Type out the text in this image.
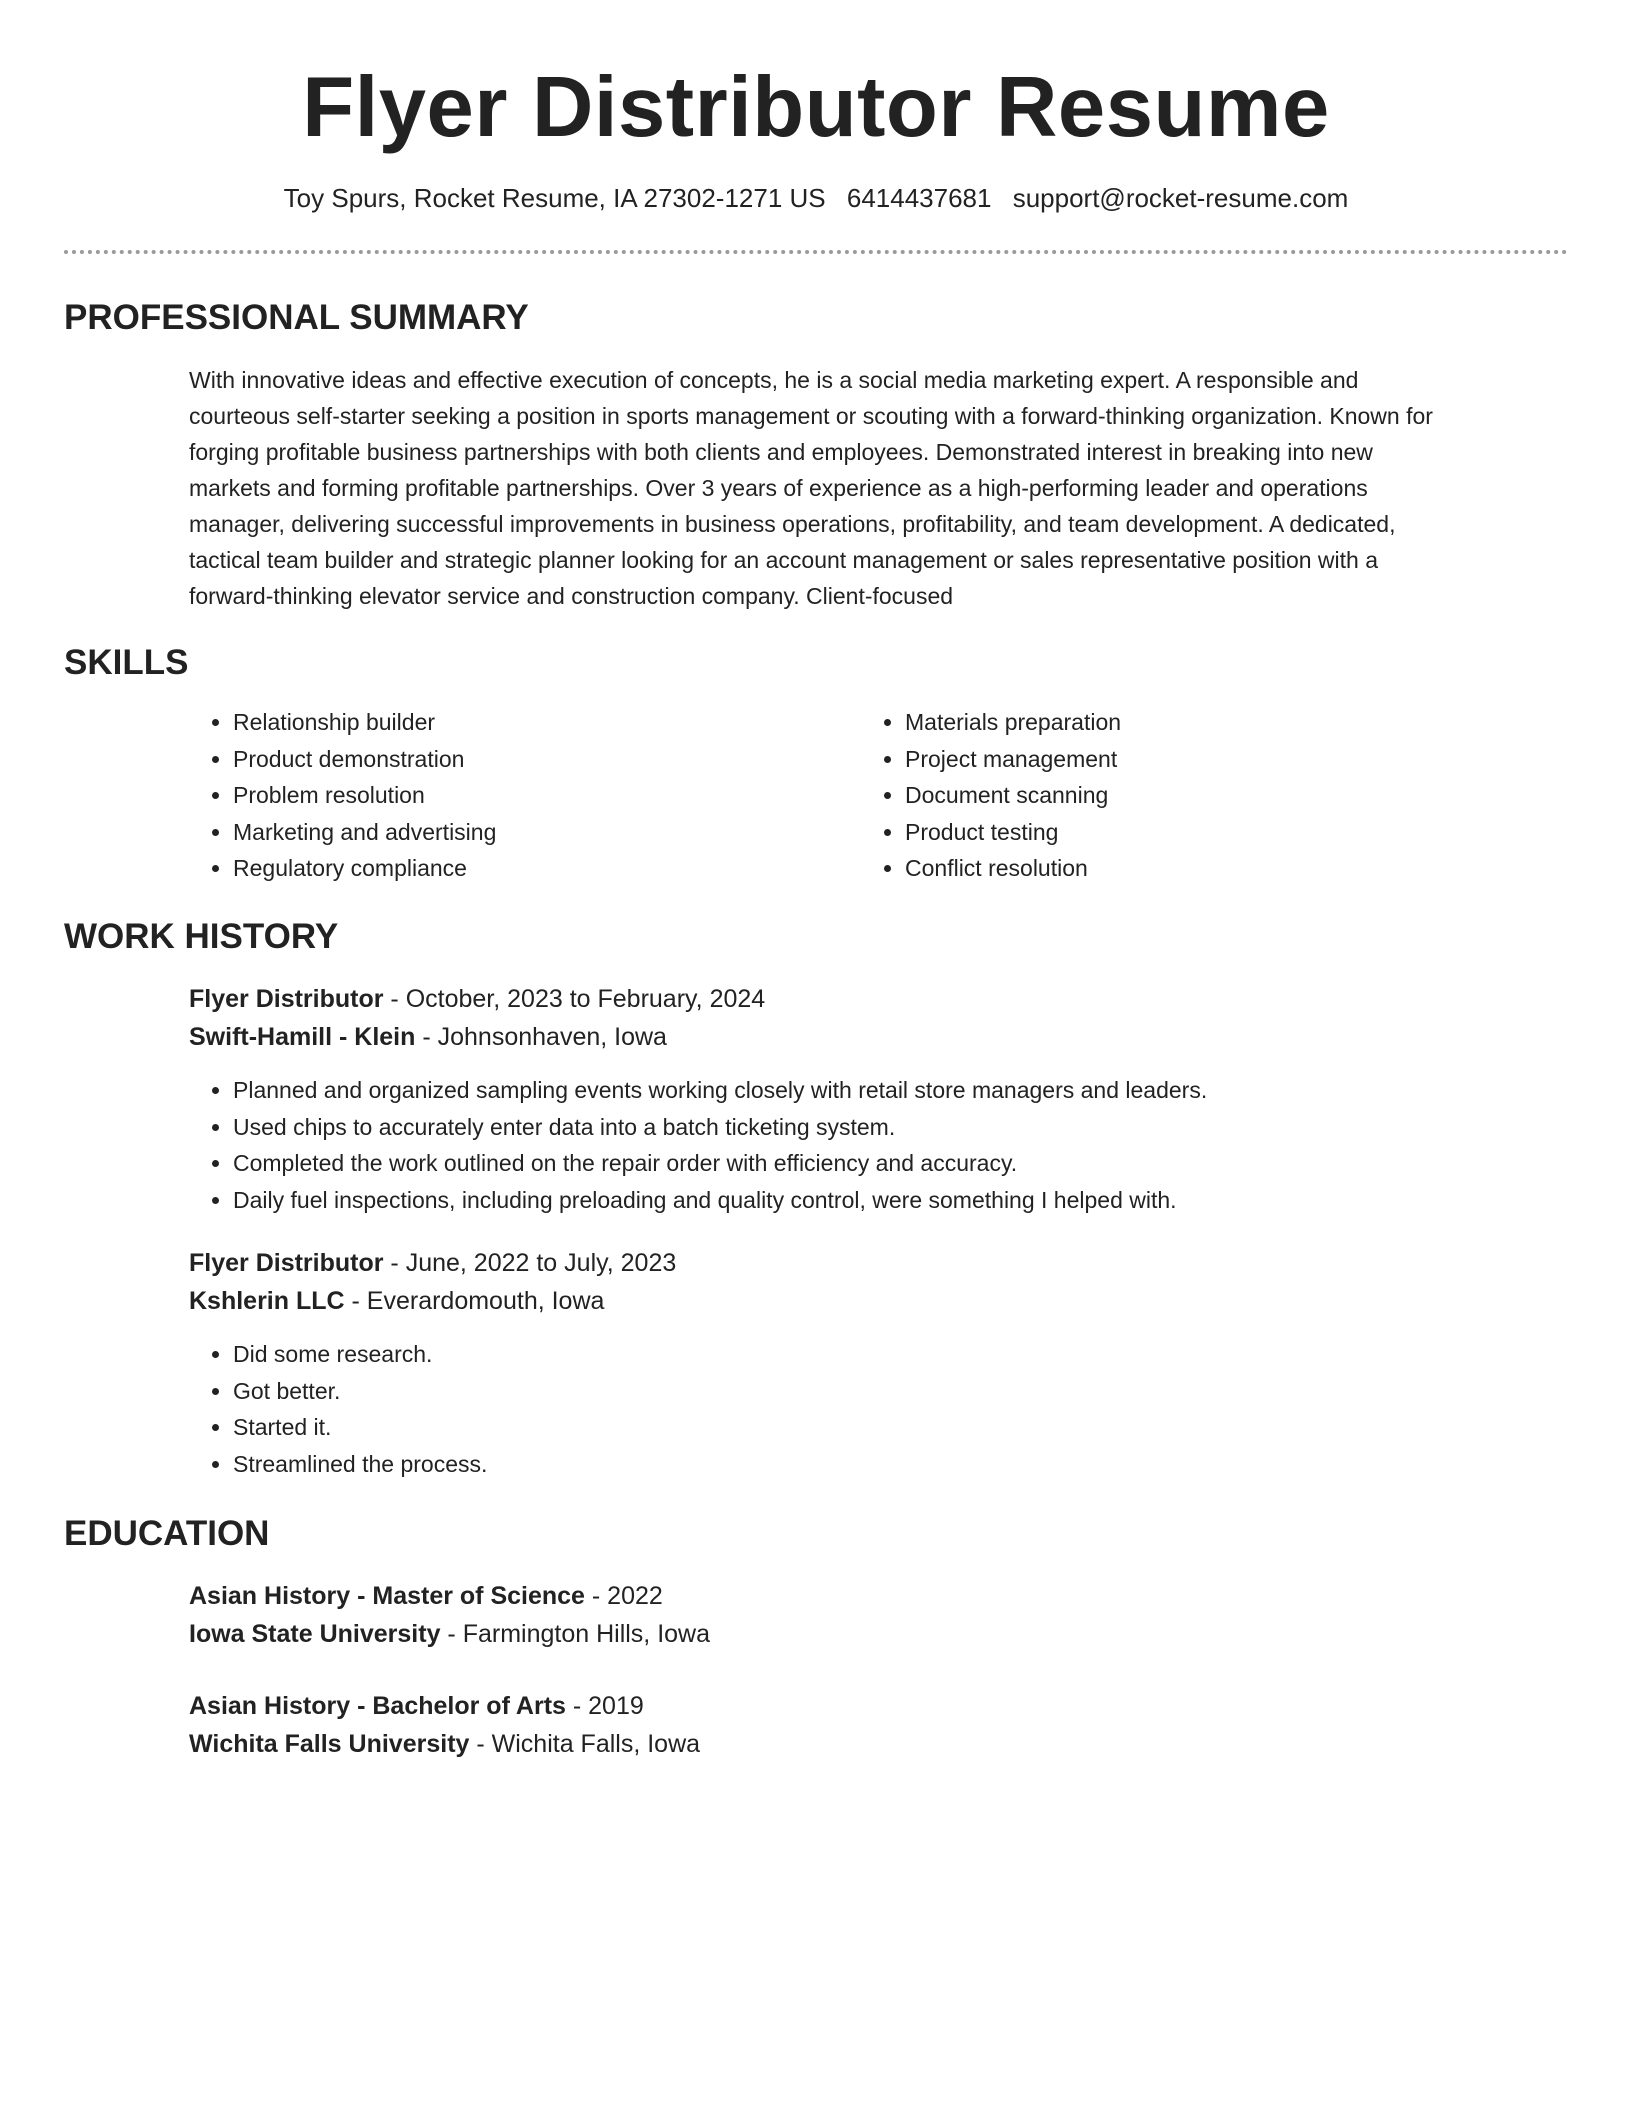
Flyer Distributor Resume
Toy Spurs, Rocket Resume, IA 27302-1271 US 6414437681 support@rocket-resume.com
PROFESSIONAL SUMMARY

With innovative ideas and effective execution of concepts, he is a social media marketing expert. A responsible and
courteous self-starter seeking a position in sports management or scouting with a forward-thinking organization. Known for
forging profitable business partnerships with both clients and employees. Demonstrated interest in breaking into new
markets and forming profitable partnerships. Over 3 years of experience as a high-performing leader and operations
manager, delivering successful improvements in business operations, profitability, and team development. A dedicated,
tactical team builder and strategic planner looking for an account management or sales representative position with a
forward-thinking elevator service and construction company. Client-focused

SKILLS
• Relationship builder
• Product demonstration
• Problem resolution
• Marketing and advertising
• Regulatory compliance
• Materials preparation
• Project management
• Document scanning
• Product testing
• Conflict resolution
WORK HISTORY
Flyer Distributor - October, 2023 to February, 2024
Swift-Hamill - Klein - Johnsonhaven, Iowa
• Planned and organized sampling events working closely with retail store managers and leaders.
• Used chips to accurately enter data into a batch ticketing system.
• Completed the work outlined on the repair order with efficiency and accuracy.
• Daily fuel inspections, including preloading and quality control, were something I helped with.
Flyer Distributor - June, 2022 to July, 2023
Kshlerin LLC - Everardomouth, Iowa
• Did some research.
• Got better.
• Started it.
• Streamlined the process.
EDUCATION
Asian History - Master of Science - 2022
Iowa State University - Farmington Hills, Iowa
Asian History - Bachelor of Arts - 2019
Wichita Falls University - Wichita Falls, Iowa
